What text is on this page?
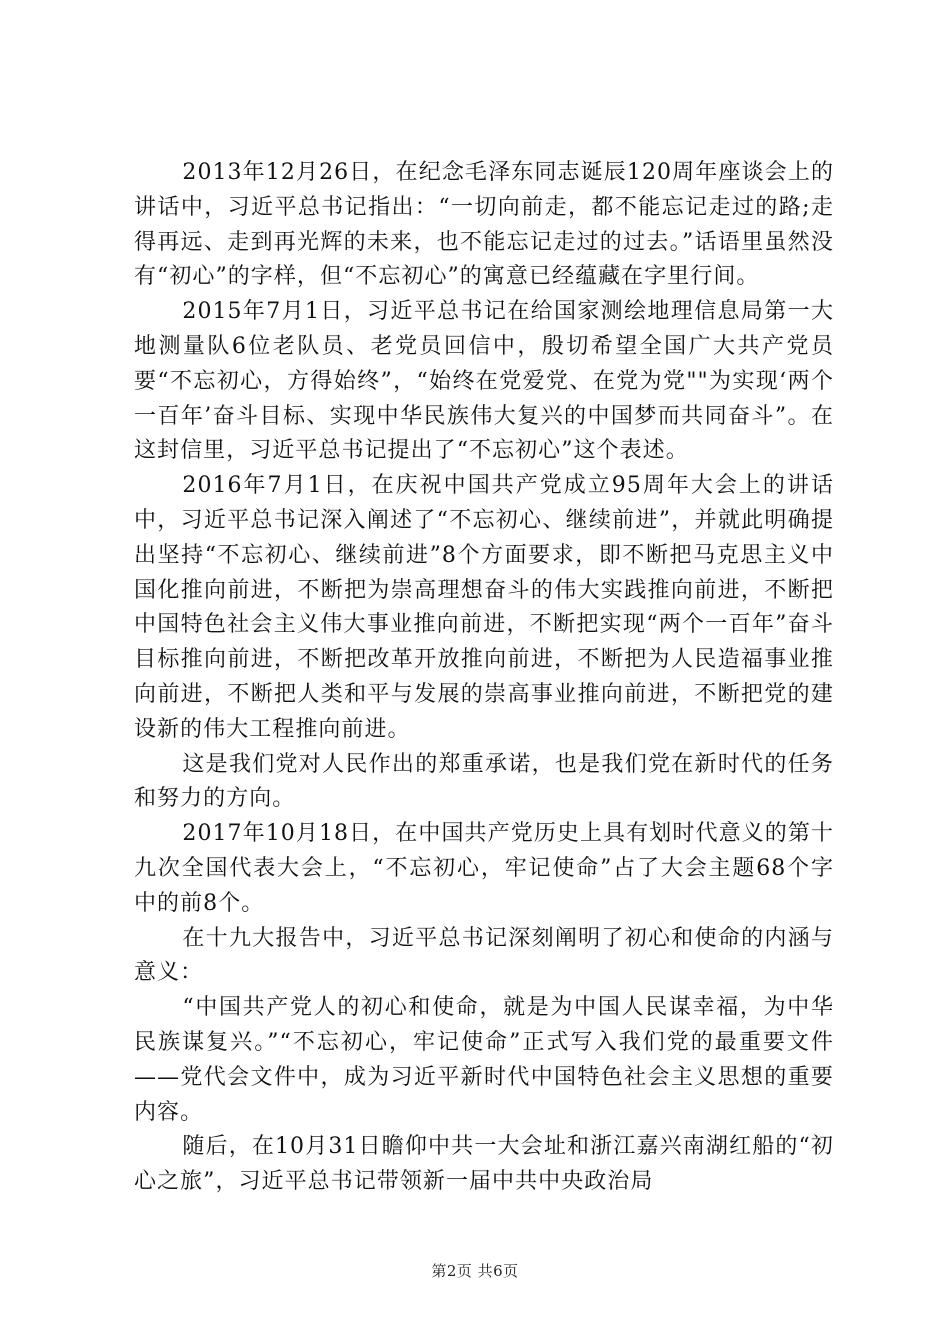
2013年12月26日，在纪念毛泽东同志诞辰120周年座谈会上的讲话中，习近平总书记指出：“一切向前走，都不能忘记走过的路;走得再远、走到再光辉的未来，也不能忘记走过的过去。”话语里虽然没有“初心”的字样，但“不忘初心”的寓意已经蕴藏在字里行间。

2015年7月1日，习近平总书记在给国家测绘地理信息局第一大地测量队6位老队员、老党员回信中，殷切希望全国广大共产党员要“不忘初心，方得始终”，“始终在党爱党、在党为党""为实现‘两个一百年’奋斗目标、实现中华民族伟大复兴的中国梦而共同奋斗”。在这封信里，习近平总书记提出了“不忘初心”这个表述。

2016年7月1日，在庆祝中国共产党成立95周年大会上的讲话中，习近平总书记深入阐述了“不忘初心、继续前进”，并就此明确提出坚持“不忘初心、继续前进”8个方面要求，即不断把马克思主义中国化推向前进，不断把为崇高理想奋斗的伟大实践推向前进，不断把中国特色社会主义伟大事业推向前进，不断把实现“两个一百年”奋斗目标推向前进，不断把改革开放推向前进，不断把为人民造福事业推向前进，不断把人类和平与发展的崇高事业推向前进，不断把党的建设新的伟大工程推向前进。

这是我们党对人民作出的郑重承诺，也是我们党在新时代的任务和努力的方向。

2017年10月18日，在中国共产党历史上具有划时代意义的第十九次全国代表大会上，“不忘初心，牢记使命”占了大会主题68个字中的前8个。

在十九大报告中，习近平总书记深刻阐明了初心和使命的内涵与意义：

“中国共产党人的初心和使命，就是为中国人民谋幸福，为中华民族谋复兴。”“不忘初心，牢记使命”正式写入我们党的最重要文件——党代会文件中，成为习近平新时代中国特色社会主义思想的重要内容。

随后，在10月31日瞻仰中共一大会址和浙江嘉兴南湖红船的“初心之旅”，习近平总书记带领新一届中共中央政治局

第2页 共6页
